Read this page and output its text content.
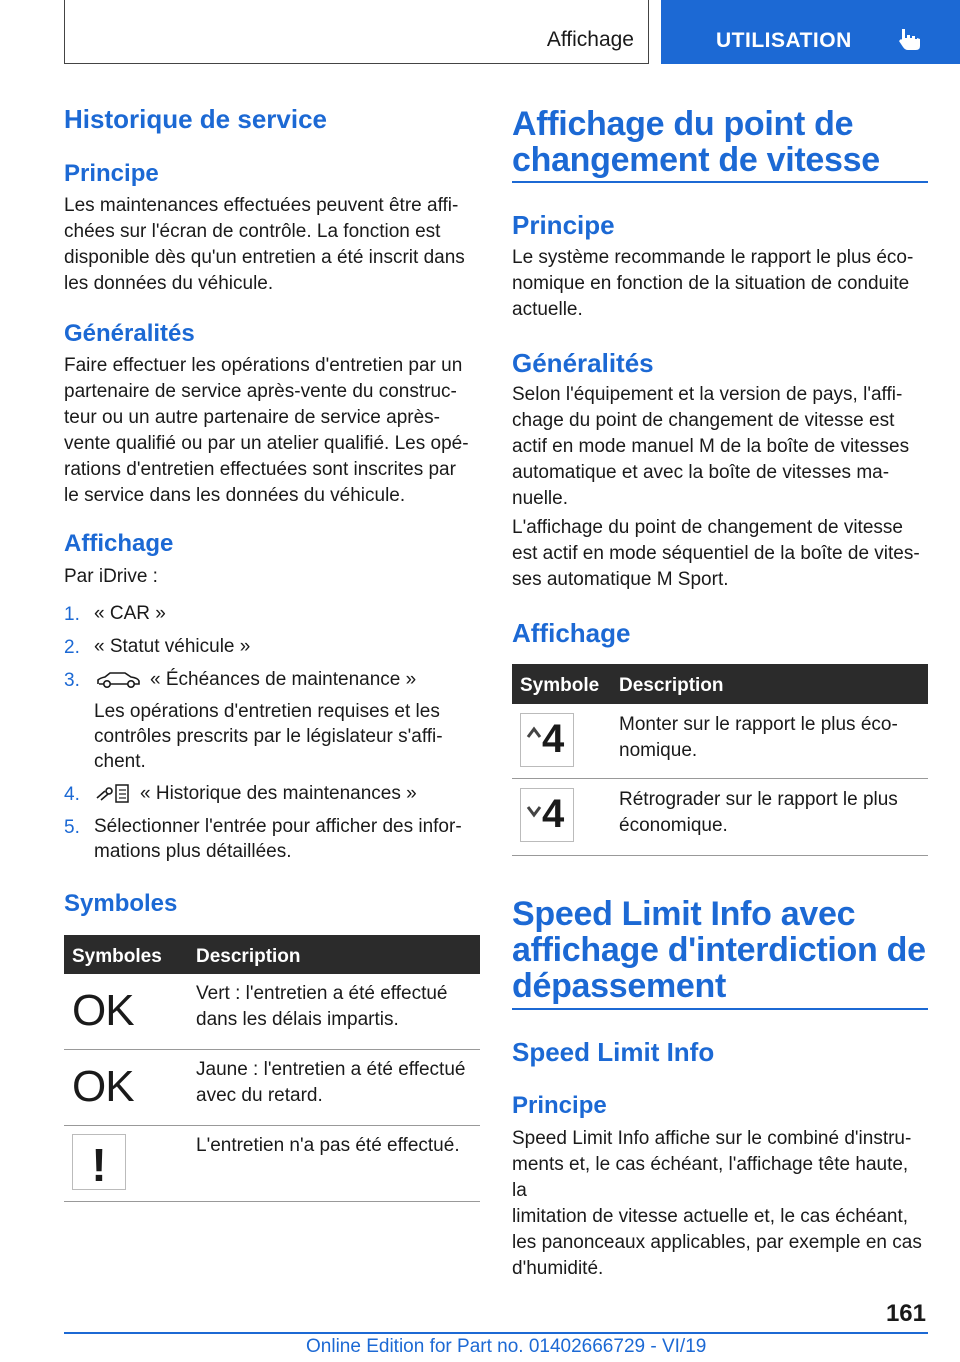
Affichage	UTILISATION
Historique de service
Principe
Les maintenances effectuées peuvent être affi-
chées sur l'écran de contrôle. La fonction est
disponible dès qu'un entretien a été inscrit dans
les données du véhicule.
Généralités
Faire effectuer les opérations d'entretien par un
partenaire de service après-vente du construc-
teur ou un autre partenaire de service après-
vente qualifié ou par un atelier qualifié. Les opé-
rations d'entretien effectuées sont inscrites par
le service dans les données du véhicule.
Affichage
Par iDrive :
1. « CAR »
2. « Statut véhicule »
3.	« Échéances de maintenance »
Les opérations d'entretien requises et les
contrôles prescrits par le législateur s'affi-
chent.
4.	« Historique des maintenances »
5. Sélectionner l'entrée pour afficher des infor-
mations plus détaillées.
Symboles
Symboles Description
OK	Vert : l'entretien a été effectué
dans les délais impartis.
OK	Jaune : l'entretien a été effectué
avec du retard.
!	L'entretien n'a pas été effectué.
Affichage du point de
changement de vitesse
Principe
Le système recommande le rapport le plus éco-
nomique en fonction de la situation de conduite
actuelle.
Généralités
Selon l'équipement et la version de pays, l'affi-
chage du point de changement de vitesse est
actif en mode manuel M de la boîte de vitesses
automatique et avec la boîte de vitesses ma-
nuelle.
L'affichage du point de changement de vitesse
est actif en mode séquentiel de la boîte de vites-
ses automatique M Sport.
Affichage
Symbole Description
4	Monter sur le rapport le plus éco-
nomique.
4	Rétrograder sur le rapport le plus
économique.
Speed Limit Info avec
affichage d'interdiction de
dépassement
Speed Limit Info
Principe
Speed Limit Info affiche sur le combiné d'instru-
ments et, le cas échéant, l'affichage tête haute, la
limitation de vitesse actuelle et, le cas échéant,
les panonceaux applicables, par exemple en cas
d'humidité.
161
Online Edition for Part no. 01402666729 - VI/19
